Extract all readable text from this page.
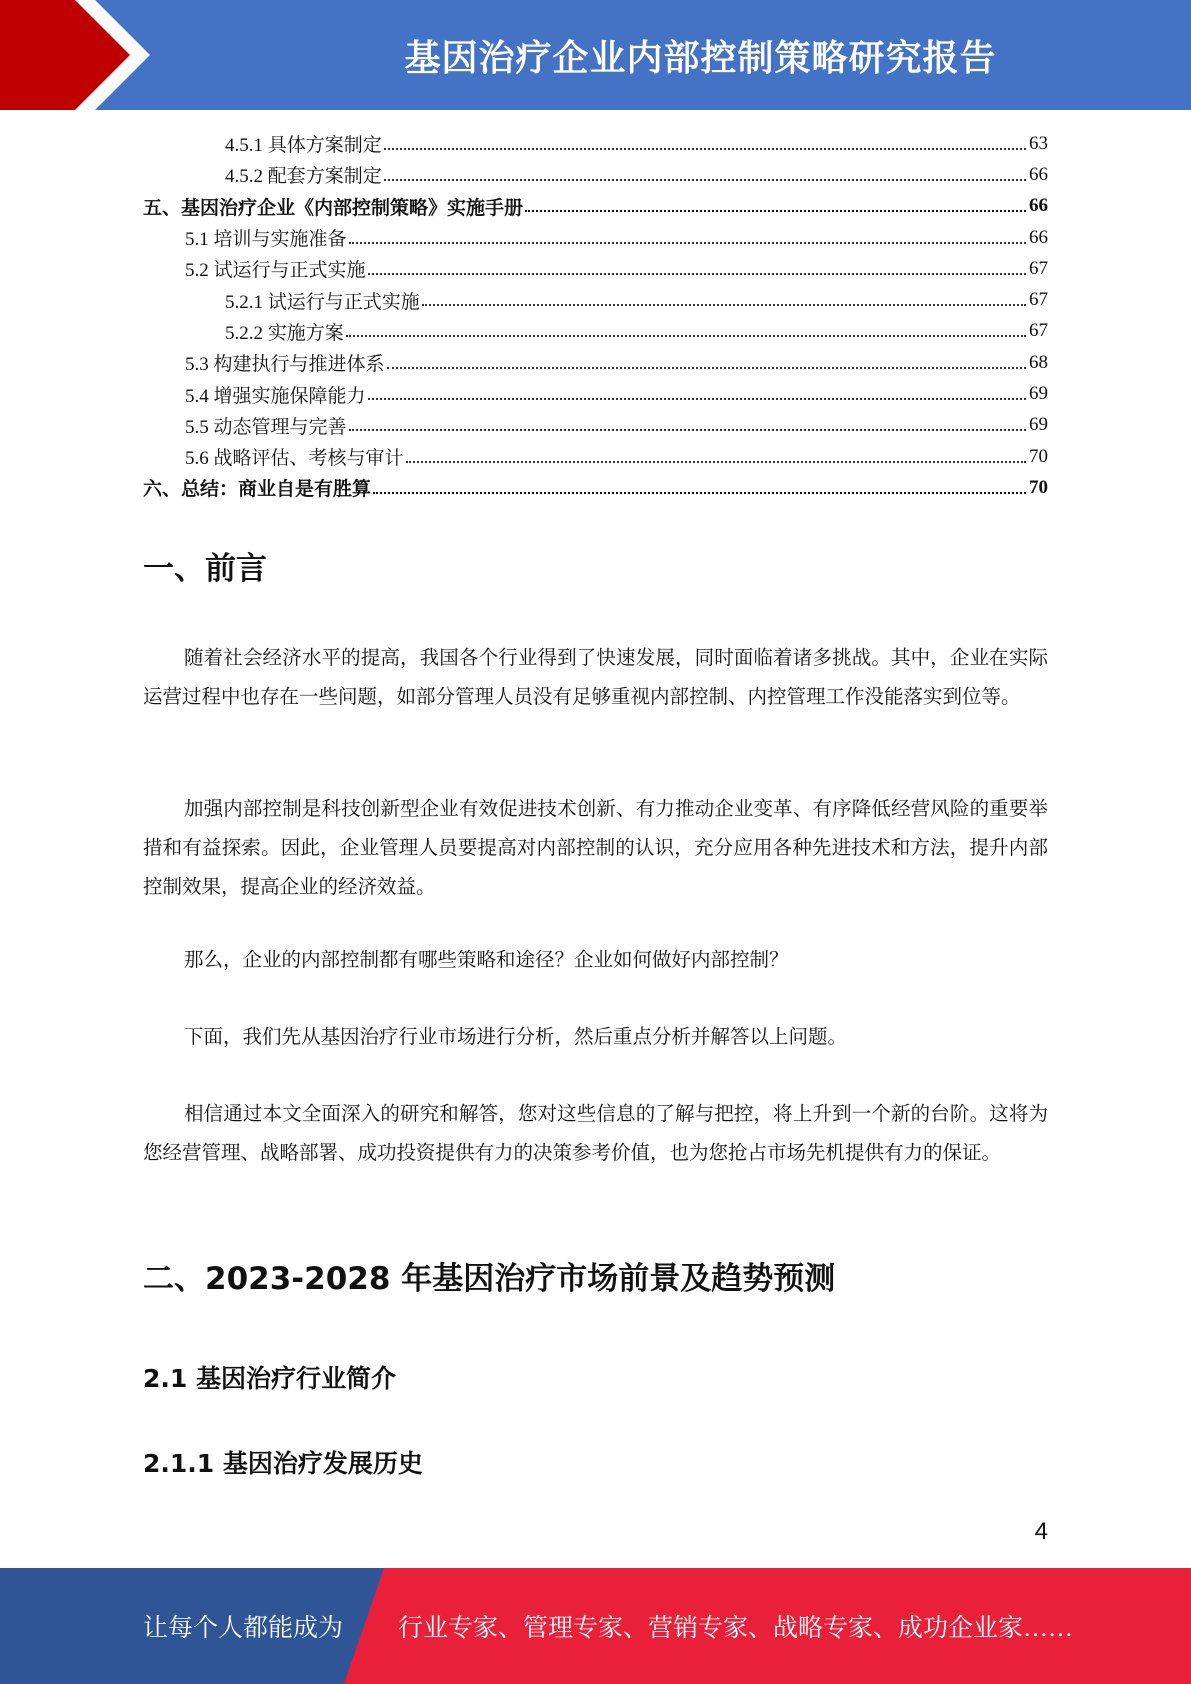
基因治疗企业内部控制策略研究报告
4.5.1 具体方案制定	63
4.5.2 配套方案制定	66
五、基因治疗企业《内部控制策略》实施手册	66
5.1 培训与实施准备	66
5.2 试运行与正式实施	67
5.2.1 试运行与正式实施	67
5.2.2 实施方案	67
5.3 构建执行与推进体系	68
5.4 增强实施保障能力	69
5.5 动态管理与完善	69
5.6 战略评估、考核与审计	70
六、总结：商业自是有胜算	70
一、前言
随着社会经济水平的提高，我国各个行业得到了快速发展，同时面临着诸多挑战。其中，企业在实际运营过程中也存在一些问题，如部分管理人员没有足够重视内部控制、内控管理工作没能落实到位等。
加强内部控制是科技创新型企业有效促进技术创新、有力推动企业变革、有序降低经营风险的重要举措和有益探索。因此，企业管理人员要提高对内部控制的认识，充分应用各种先进技术和方法，提升内部控制效果，提高企业的经济效益。
那么，企业的内部控制都有哪些策略和途径？企业如何做好内部控制？
下面，我们先从基因治疗行业市场进行分析，然后重点分析并解答以上问题。
相信通过本文全面深入的研究和解答，您对这些信息的了解与把控，将上升到一个新的台阶。这将为您经营管理、战略部署、成功投资提供有力的决策参考价值，也为您抢占市场先机提供有力的保证。
二、2023-2028 年基因治疗市场前景及趋势预测
2.1 基因治疗行业简介
2.1.1 基因治疗发展历史
4
让每个人都能成为 行业专家、管理专家、营销专家、战略专家、成功企业家……
